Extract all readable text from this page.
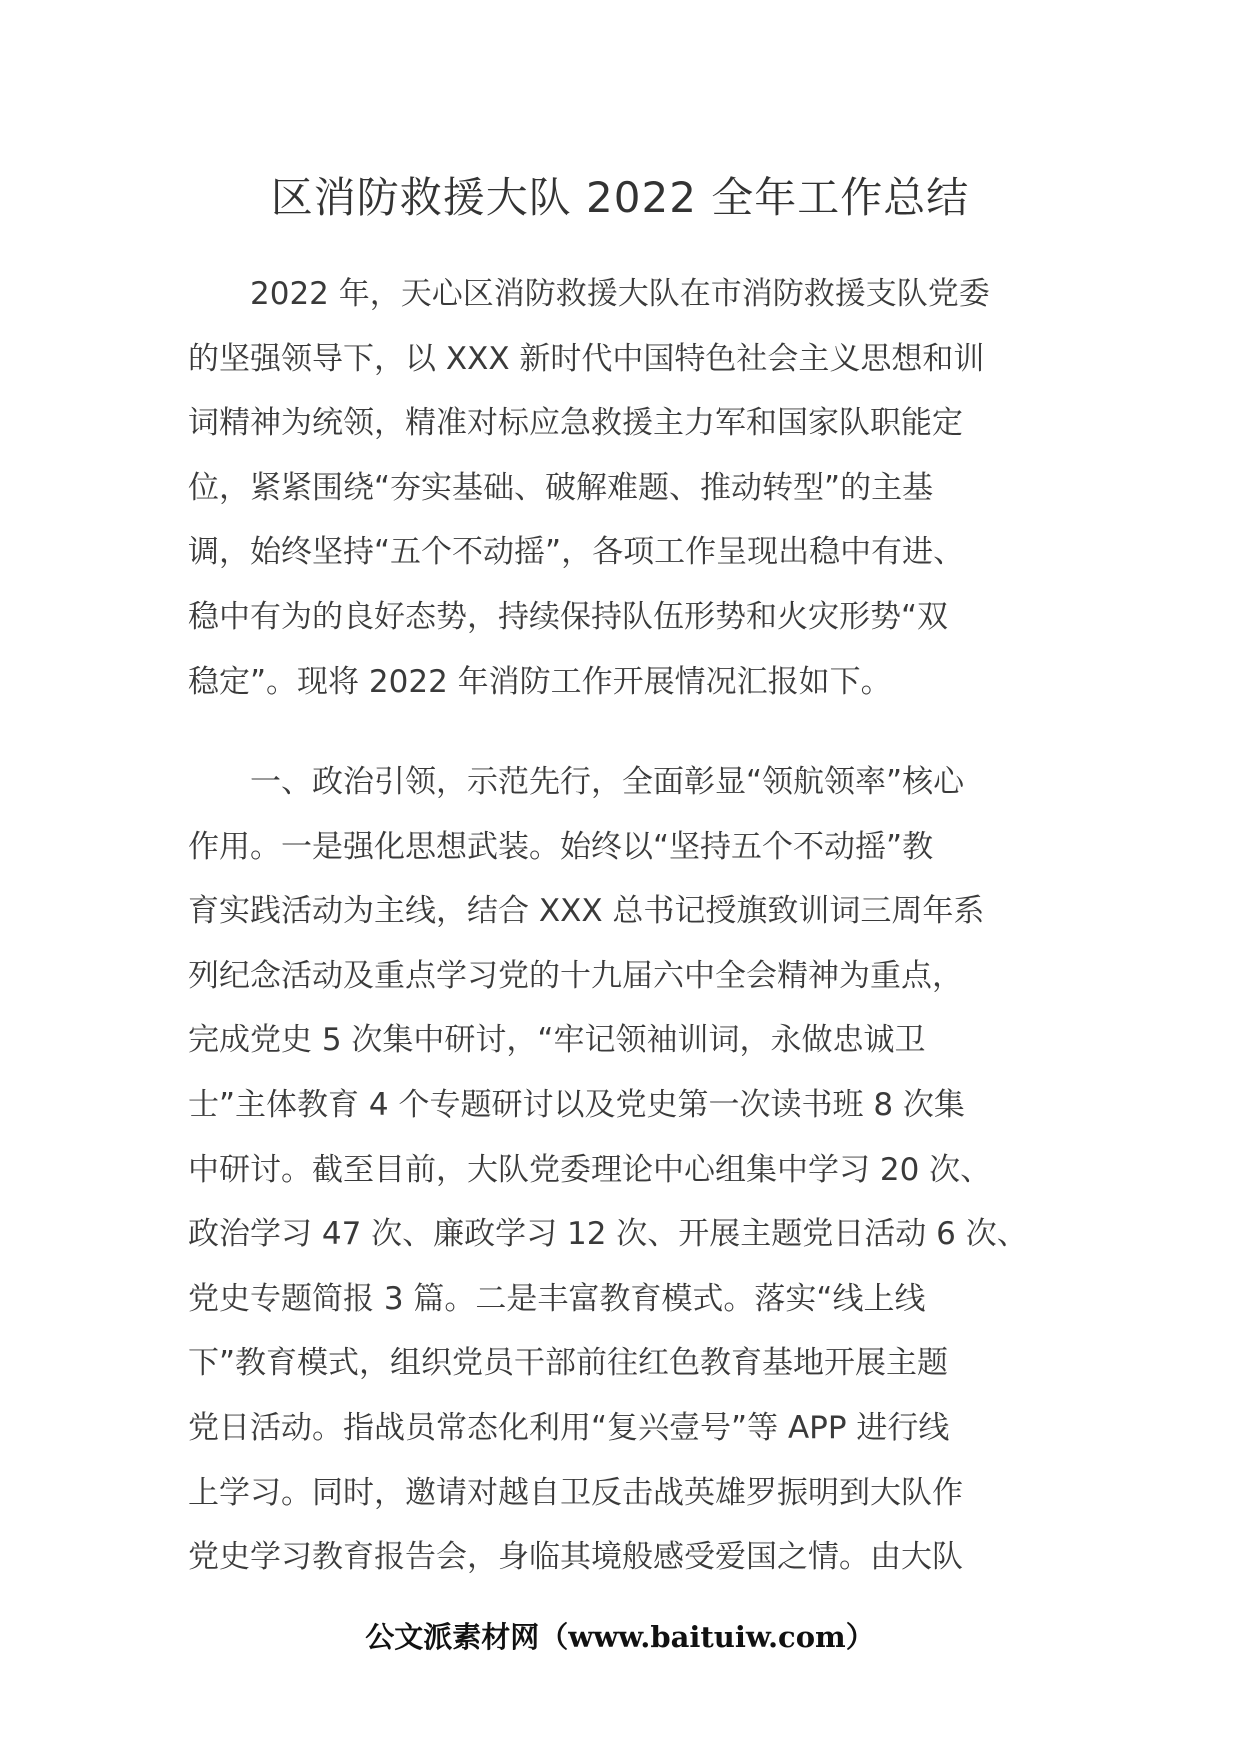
区消防救援大队 2022 全年工作总结
　　2022 年，天心区消防救援大队在市消防救援支队党委
的坚强领导下，以 XXX 新时代中国特色社会主义思想和训
词精神为统领，精准对标应急救援主力军和国家队职能定
位，紧紧围绕“夯实基础、破解难题、推动转型”的主基
调，始终坚持“五个不动摇”，各项工作呈现出稳中有进、
稳中有为的良好态势，持续保持队伍形势和火灾形势“双
稳定”。现将 2022 年消防工作开展情况汇报如下。
　　一、政治引领，示范先行，全面彰显“领航领率”核心
作用。一是强化思想武装。始终以“坚持五个不动摇”教
育实践活动为主线，结合 XXX 总书记授旗致训词三周年系
列纪念活动及重点学习党的十九届六中全会精神为重点，
完成党史 5 次集中研讨，“牢记领袖训词，永做忠诚卫
士”主体教育 4 个专题研讨以及党史第一次读书班 8 次集
中研讨。截至目前，大队党委理论中心组集中学习 20 次、
政治学习 47 次、廉政学习 12 次、开展主题党日活动 6 次、
党史专题简报 3 篇。二是丰富教育模式。落实“线上线
下”教育模式，组织党员干部前往红色教育基地开展主题
党日活动。指战员常态化利用“复兴壹号”等 APP 进行线
上学习。同时，邀请对越自卫反击战英雄罗振明到大队作
党史学习教育报告会，身临其境般感受爱国之情。由大队
公文派素材网（www.baituiw.com）
